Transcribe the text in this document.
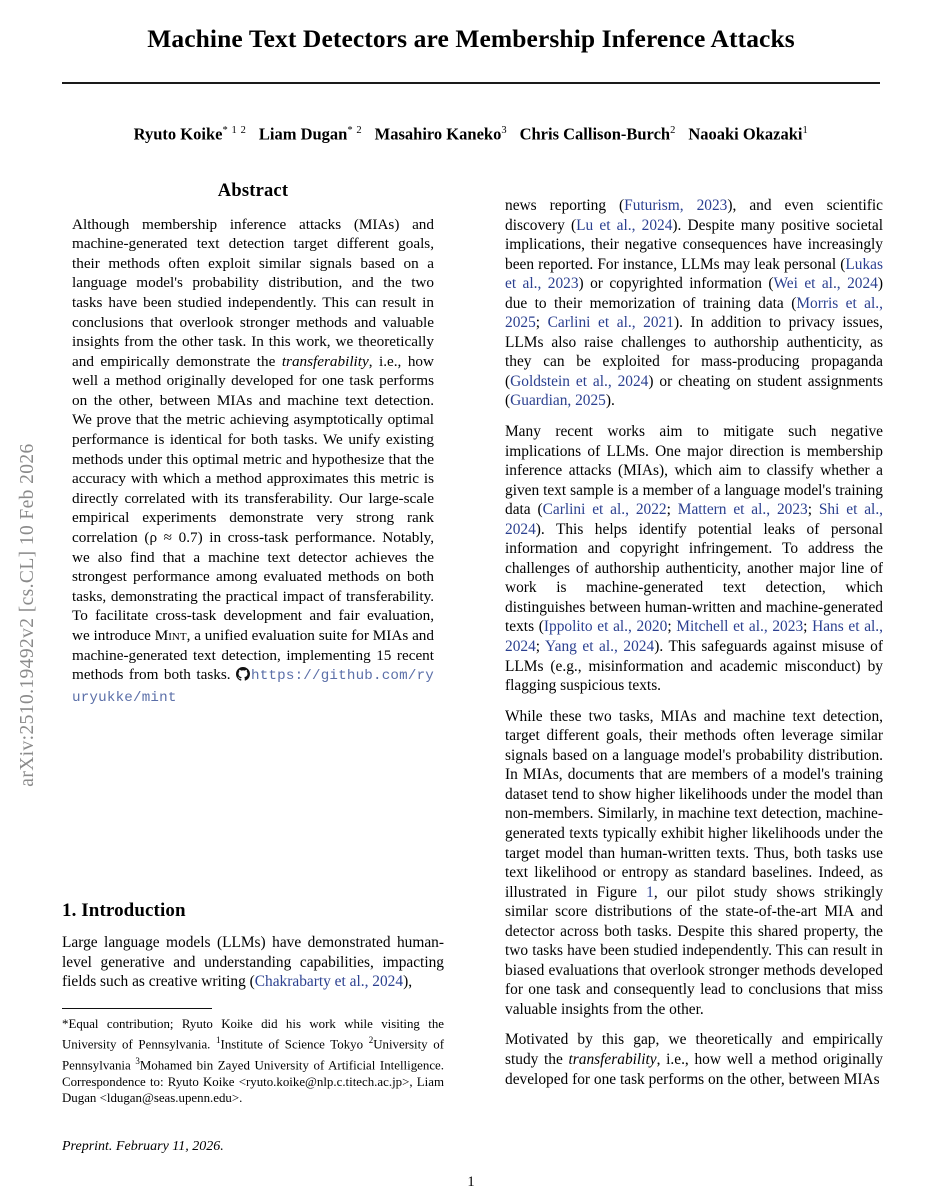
arXiv:2510.19492v2 [cs.CL] 10 Feb 2026
Machine Text Detectors are Membership Inference Attacks
Ryuto Koike$^{* 1 2}$ Liam Dugan$^{* 2}$ Masahiro Kaneko$^3$ Chris Callison-Burch$^2$ Naoaki Okazaki$^1$
Abstract

Although membership inference attacks (MIAs) and machine-generated text detection target different goals, their methods often exploit similar signals based on a language model's probability distribution, and the two tasks have been studied independently. This can result in conclusions that overlook stronger methods and valuable insights from the other task. In this work, we theoretically and empirically demonstrate the transferability, i.e., how well a method originally developed for one task performs on the other, between MIAs and machine text detection. We prove that the metric achieving asymptotically optimal performance is identical for both tasks. We unify existing methods under this optimal metric and hypothesize that the accuracy with which a method approximates this metric is directly correlated with its transferability. Our large-scale empirical experiments demonstrate very strong rank correlation (ρ ≈ 0.7) in cross-task performance. Notably, we also find that a machine text detector achieves the strongest performance among evaluated methods on both tasks, demonstrating the practical impact of transferability. To facilitate cross-task development and fair evaluation, we introduce Mint, a unified evaluation suite for MIAs and machine-generated text detection, implementing 15 recent methods from both tasks. https://github.com/ryuryukke/mint

1. Introduction

Large language models (LLMs) have demonstrated human-level generative and understanding capabilities, impacting fields such as creative writing (Chakrabarty et al., 2024),

*Equal contribution; Ryuto Koike did his work while visiting the University of Pennsylvania. $^1$Institute of Science Tokyo $^2$University of Pennsylvania $^3$Mohamed bin Zayed University of Artificial Intelligence. Correspondence to: Ryuto Koike <ryuto.koike@nlp.c.titech.ac.jp>, Liam Dugan <ldugan@seas.upenn.edu>.
Preprint. February 11, 2026.

news reporting (Futurism, 2023), and even scientific discovery (Lu et al., 2024). Despite many positive societal implications, their negative consequences have increasingly been reported. For instance, LLMs may leak personal (Lukas et al., 2023) or copyrighted information (Wei et al., 2024) due to their memorization of training data (Morris et al., 2025; Carlini et al., 2021). In addition to privacy issues, LLMs also raise challenges to authorship authenticity, as they can be exploited for mass-producing propaganda (Goldstein et al., 2024) or cheating on student assignments (Guardian, 2025).

Many recent works aim to mitigate such negative implications of LLMs. One major direction is membership inference attacks (MIAs), which aim to classify whether a given text sample is a member of a language model's training data (Carlini et al., 2022; Mattern et al., 2023; Shi et al., 2024). This helps identify potential leaks of personal information and copyright infringement. To address the challenges of authorship authenticity, another major line of work is machine-generated text detection, which distinguishes between human-written and machine-generated texts (Ippolito et al., 2020; Mitchell et al., 2023; Hans et al., 2024; Yang et al., 2024). This safeguards against misuse of LLMs (e.g., misinformation and academic misconduct) by flagging suspicious texts.

While these two tasks, MIAs and machine text detection, target different goals, their methods often leverage similar signals based on a language model's probability distribution. In MIAs, documents that are members of a model's training dataset tend to show higher likelihoods under the model than non-members. Similarly, in machine text detection, machine-generated texts typically exhibit higher likelihoods under the target model than human-written texts. Thus, both tasks use text likelihood or entropy as standard baselines. Indeed, as illustrated in Figure 1, our pilot study shows strikingly similar score distributions of the state-of-the-art MIA and detector across both tasks. Despite this shared property, the two tasks have been studied independently. This can result in biased evaluations that overlook stronger methods developed for one task and consequently lead to conclusions that miss valuable insights from the other.

Motivated by this gap, we theoretically and empirically study the transferability, i.e., how well a method originally developed for one task performs on the other, between MIAs

1
